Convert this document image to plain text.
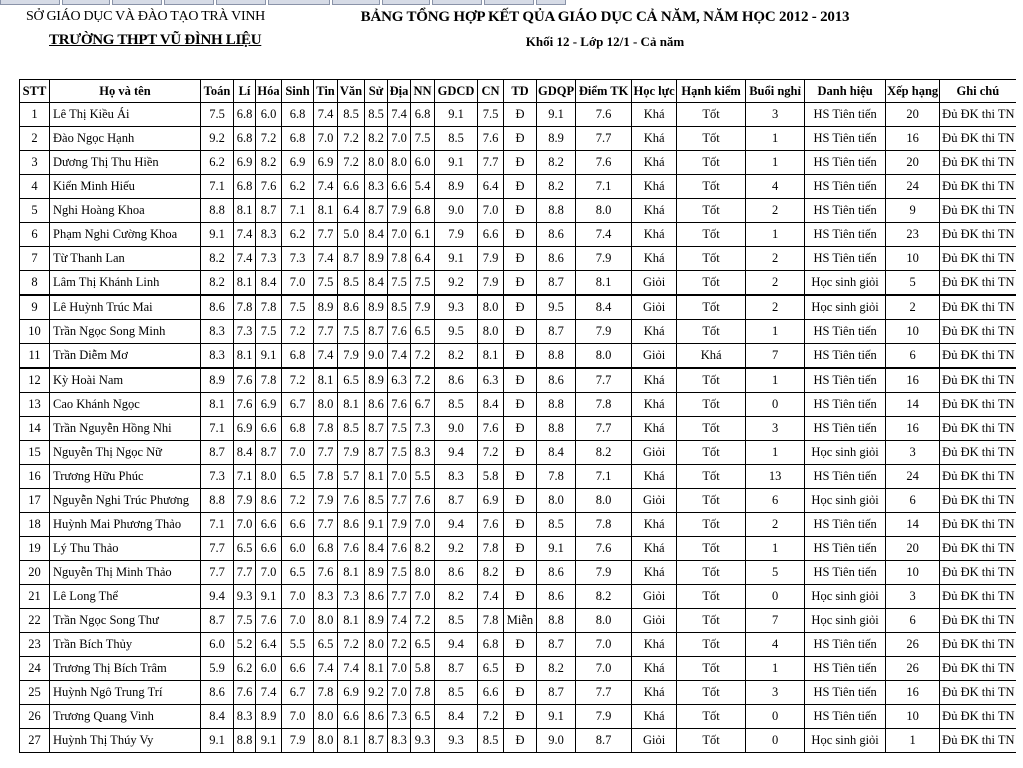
SỞ GIÁO DỤC VÀ ĐÀO TẠO TRÀ VINH
TRƯỜNG THPT VŨ ĐÌNH LIỆU
BẢNG TỔNG HỢP KẾT QỦA GIÁO DỤC CẢ NĂM, NĂM HỌC 2012 - 2013
Khối 12 - Lớp 12/1 - Cả năm
STT	Họ và tên	Toán	Lí	Hóa	Sinh	Tin	Văn	Sử	Địa	NN	GDCD	CN	TD	GDQP	Điểm TK	Học lực	Hạnh kiểm	Buổi nghỉ	Danh hiệu	Xếp hạng	Ghi chú
1	Lê Thị Kiều Ái	7.5	6.8	6.0	6.8	7.4	8.5	8.5	7.4	6.8	9.1	7.5	Đ	9.1	7.6	Khá	Tốt	3	HS Tiên tiến	20	Đủ ĐK thi TN
2	Đào Ngọc Hạnh	9.2	6.8	7.2	6.8	7.0	7.2	8.2	7.0	7.5	8.5	7.6	Đ	8.9	7.7	Khá	Tốt	1	HS Tiên tiến	16	Đủ ĐK thi TN
3	Dương Thị Thu Hiền	6.2	6.9	8.2	6.9	6.9	7.2	8.0	8.0	6.0	9.1	7.7	Đ	8.2	7.6	Khá	Tốt	1	HS Tiên tiến	20	Đủ ĐK thi TN
4	Kiển Minh Hiếu	7.1	6.8	7.6	6.2	7.4	6.6	8.3	6.6	5.4	8.9	6.4	Đ	8.2	7.1	Khá	Tốt	4	HS Tiên tiến	24	Đủ ĐK thi TN
5	Nghi Hoàng Khoa	8.8	8.1	8.7	7.1	8.1	6.4	8.7	7.9	6.8	9.0	7.0	Đ	8.8	8.0	Khá	Tốt	2	HS Tiên tiến	9	Đủ ĐK thi TN
6	Phạm Nghi Cường Khoa	9.1	7.4	8.3	6.2	7.7	5.0	8.4	7.0	6.1	7.9	6.6	Đ	8.6	7.4	Khá	Tốt	1	HS Tiên tiến	23	Đủ ĐK thi TN
7	Từ Thanh Lan	8.2	7.4	7.3	7.3	7.4	8.7	8.9	7.8	6.4	9.1	7.9	Đ	8.6	7.9	Khá	Tốt	2	HS Tiên tiến	10	Đủ ĐK thi TN
8	Lâm Thị Khánh Linh	8.2	8.1	8.4	7.0	7.5	8.5	8.4	7.5	7.5	9.2	7.9	Đ	8.7	8.1	Giỏi	Tốt	2	Học sinh giỏi	5	Đủ ĐK thi TN
9	Lê Huỳnh Trúc Mai	8.6	7.8	7.8	7.5	8.9	8.6	8.9	8.5	7.9	9.3	8.0	Đ	9.5	8.4	Giỏi	Tốt	2	Học sinh giỏi	2	Đủ ĐK thi TN
10	Trần Ngọc Song Minh	8.3	7.3	7.5	7.2	7.7	7.5	8.7	7.6	6.5	9.5	8.0	Đ	8.7	7.9	Khá	Tốt	1	HS Tiên tiến	10	Đủ ĐK thi TN
11	Trần Diễm Mơ	8.3	8.1	9.1	6.8	7.4	7.9	9.0	7.4	7.2	8.2	8.1	Đ	8.8	8.0	Giỏi	Khá	7	HS Tiên tiến	6	Đủ ĐK thi TN
12	Kỳ Hoài Nam	8.9	7.6	7.8	7.2	8.1	6.5	8.9	6.3	7.2	8.6	6.3	Đ	8.6	7.7	Khá	Tốt	1	HS Tiên tiến	16	Đủ ĐK thi TN
13	Cao Khánh Ngọc	8.1	7.6	6.9	6.7	8.0	8.1	8.6	7.6	6.7	8.5	8.4	Đ	8.8	7.8	Khá	Tốt	0	HS Tiên tiến	14	Đủ ĐK thi TN
14	Trần Nguyễn Hồng Nhi	7.1	6.9	6.6	6.8	7.8	8.5	8.7	7.5	7.3	9.0	7.6	Đ	8.8	7.7	Khá	Tốt	3	HS Tiên tiến	16	Đủ ĐK thi TN
15	Nguyễn Thị Ngọc Nữ	8.7	8.4	8.7	7.0	7.7	7.9	8.7	7.5	8.3	9.4	7.2	Đ	8.4	8.2	Giỏi	Tốt	1	Học sinh giỏi	3	Đủ ĐK thi TN
16	Trương Hữu Phúc	7.3	7.1	8.0	6.5	7.8	5.7	8.1	7.0	5.5	8.3	5.8	Đ	7.8	7.1	Khá	Tốt	13	HS Tiên tiến	24	Đủ ĐK thi TN
17	Nguyễn Nghi Trúc Phương	8.8	7.9	8.6	7.2	7.9	7.6	8.5	7.7	7.6	8.7	6.9	Đ	8.0	8.0	Giỏi	Tốt	6	Học sinh giỏi	6	Đủ ĐK thi TN
18	Huỳnh Mai Phương Thảo	7.1	7.0	6.6	6.6	7.7	8.6	9.1	7.9	7.0	9.4	7.6	Đ	8.5	7.8	Khá	Tốt	2	HS Tiên tiến	14	Đủ ĐK thi TN
19	Lý Thu Thảo	7.7	6.5	6.6	6.0	6.8	7.6	8.4	7.6	8.2	9.2	7.8	Đ	9.1	7.6	Khá	Tốt	1	HS Tiên tiến	20	Đủ ĐK thi TN
20	Nguyễn Thị Minh Thảo	7.7	7.7	7.0	6.5	7.6	8.1	8.9	7.5	8.0	8.6	8.2	Đ	8.6	7.9	Khá	Tốt	5	HS Tiên tiến	10	Đủ ĐK thi TN
21	Lê Long Thể	9.4	9.3	9.1	7.0	8.3	7.3	8.6	7.7	7.0	8.2	7.4	Đ	8.6	8.2	Giỏi	Tốt	0	Học sinh giỏi	3	Đủ ĐK thi TN
22	Trần Ngọc Song Thư	8.7	7.5	7.6	7.0	8.0	8.1	8.9	7.4	7.2	8.5	7.8	Miễn	8.8	8.0	Giỏi	Tốt	7	Học sinh giỏi	6	Đủ ĐK thi TN
23	Trần Bích Thủy	6.0	5.2	6.4	5.5	6.5	7.2	8.0	7.2	6.5	9.4	6.8	Đ	8.7	7.0	Khá	Tốt	4	HS Tiên tiến	26	Đủ ĐK thi TN
24	Trương Thị Bích Trâm	5.9	6.2	6.0	6.6	7.4	7.4	8.1	7.0	5.8	8.7	6.5	Đ	8.2	7.0	Khá	Tốt	1	HS Tiên tiến	26	Đủ ĐK thi TN
25	Huỳnh Ngô Trung Trí	8.6	7.6	7.4	6.7	7.8	6.9	9.2	7.0	7.8	8.5	6.6	Đ	8.7	7.7	Khá	Tốt	3	HS Tiên tiến	16	Đủ ĐK thi TN
26	Trương Quang Vinh	8.4	8.3	8.9	7.0	8.0	6.6	8.6	7.3	6.5	8.4	7.2	Đ	9.1	7.9	Khá	Tốt	0	HS Tiên tiến	10	Đủ ĐK thi TN
27	Huỳnh Thị Thúy Vy	9.1	8.8	9.1	7.9	8.0	8.1	8.7	8.3	9.3	9.3	8.5	Đ	9.0	8.7	Giỏi	Tốt	0	Học sinh giỏi	1	Đủ ĐK thi TN
